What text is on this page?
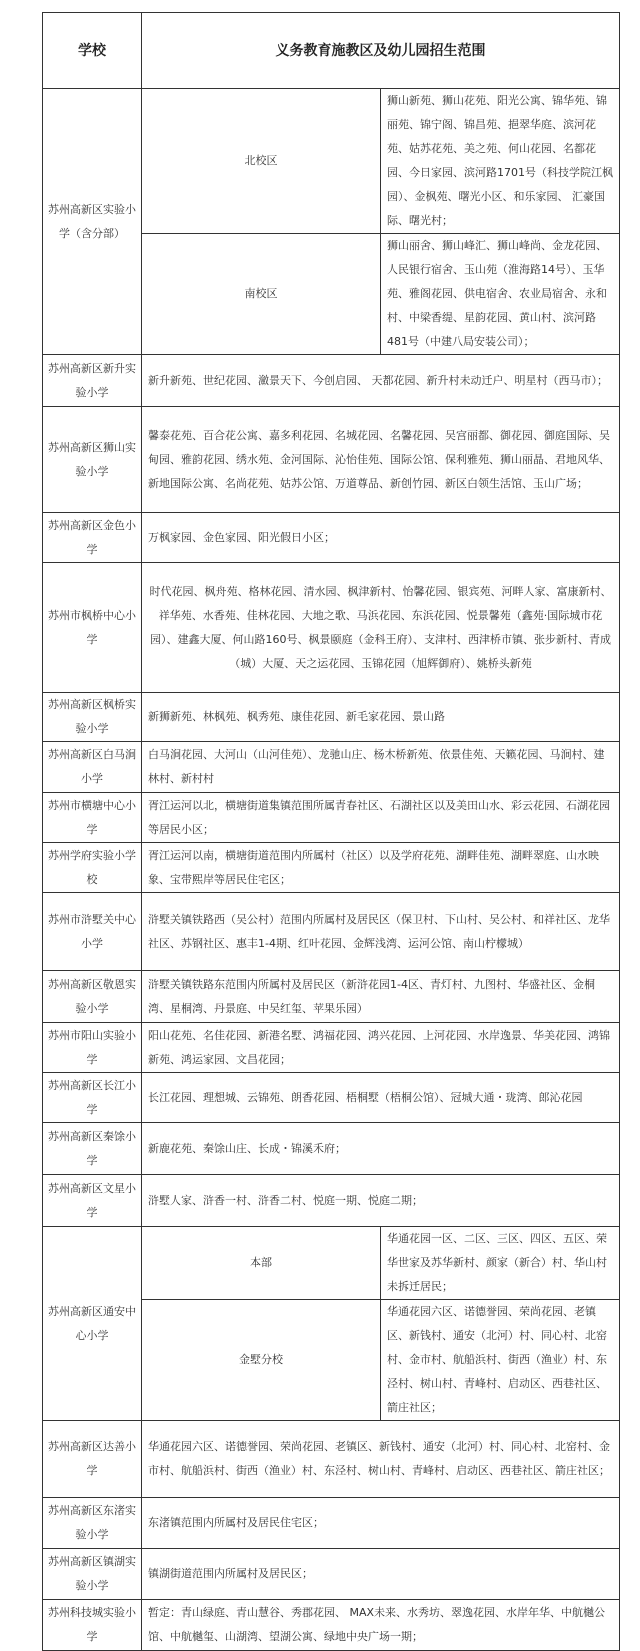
学校	义务教育施教区及幼儿园招生范围	
苏州高新区实验小学（含分部）	北校区	狮山新苑、狮山花苑、阳光公寓、锦华苑、锦丽苑、锦宁阁、锦昌苑、挹翠华庭、滨河花苑、姑苏花苑、美之苑、何山花园、名都花园、今日家园、滨河路1701号（科技学院江枫园）、金枫苑、曙光小区、和乐家园、 汇豪国际、曙光村；
	南校区	狮山丽舍、狮山峰汇、狮山峰尚、金龙花园、人民银行宿舍、玉山苑（淮海路14号）、玉华苑、雅阁花园、供电宿舍、农业局宿舍、永和村、中梁香缇、星韵花园、黄山村、滨河路481号（中建八局安装公司）；
苏州高新区新升实验小学	新升新苑、世纪花园、瀲景天下、今创启园、 天都花园、新升村未动迁户、明星村（西马市）；	
苏州高新区狮山实验小学	馨泰花苑、百合花公寓、嘉多利花园、名城花园、名馨花园、吴宫丽都、御花园、御庭国际、吴甸园、雅韵花园、绣水苑、金河国际、沁怡佳苑、国际公馆、保利雅苑、狮山丽晶、君地风华、新地国际公寓、名尚花苑、姑苏公馆、万道尊品、新创竹园、新区白领生活馆、玉山广场；	
苏州高新区金色小学	万枫家园、金色家园、阳光假日小区；	
苏州市枫桥中心小学	时代花园、枫舟苑、格林花园、清水园、枫津新村、怡馨花园、银宾苑、河畔人家、富康新村、祥华苑、水香苑、佳林花园、大地之歌、马浜花园、东浜花园、悦景馨苑（鑫苑·国际城市花园）、建鑫大厦、何山路160号、枫景颐庭（金科王府）、支津村、西津桥市镇、张步新村、青成（城）大厦、天之运花园、玉锦花园（旭辉御府）、姚桥头新苑	
苏州高新区枫桥实验小学	新狮新苑、林枫苑、枫秀苑、康佳花园、新毛家花园、景山路	
苏州高新区白马涧小学	白马涧花园、大河山（山河佳苑）、龙驰山庄、杨木桥新苑、依景佳苑、天籁花园、马涧村、建林村、新村村	
苏州市横塘中心小学	胥江运河以北，横塘街道集镇范围所属青春社区、石湖社区以及美田山水、彩云花园、石湖花园等居民小区；	
苏州学府实验小学校	胥江运河以南，横塘街道范围内所属村（社区）以及学府花苑、湖畔佳苑、湖畔翠庭、山水映象、宝带熙岸等居民住宅区；	
苏州市浒墅关中心小学	浒墅关镇铁路西（吴公村）范围内所属村及居民区（保卫村、下山村、吴公村、和祥社区、龙华社区、苏钢社区、惠丰1-4期、红叶花园、金辉浅湾、运河公馆、南山柠檬城）	
苏州高新区敬恩实验小学	浒墅关镇铁路东范围内所属村及居民区（新浒花园1-4区、青灯村、九图村、华盛社区、金桐湾、星桐湾、丹景庭、中吴红玺、苹果乐园）	
苏州市阳山实验小学	阳山花苑、名佳花园、新港名墅、鸿福花园、鸿兴花园、上河花园、水岸逸景、华美花园、鸿锦新苑、鸿运家园、文昌花园；	
苏州高新区长江小学	长江花园、理想城、云锦苑、朗香花园、梧桐墅（梧桐公馆）、冠城大通・珑湾、郎沁花园	
苏州高新区秦馀小学	新鹿花苑、秦馀山庄、长成・锦溪禾府；	
苏州高新区文星小学	浒墅人家、浒香一村、浒香二村、悦庭一期、悦庭二期；	
苏州高新区通安中心小学	本部	华通花园一区、二区、三区、四区、五区、荣华世家及苏华新村、颜家（新合）村、华山村未拆迁居民；
	金墅分校	华通花园六区、诺德誉园、荣尚花园、老镇区、新钱村、通安（北河）村、同心村、北窑村、金市村、航船浜村、街西（渔业）村、东泾村、树山村、青峰村、启动区、西巷社区、箭庄社区；
苏州高新区达善小学	华通花园六区、诺德誉园、荣尚花园、老镇区、新钱村、通安（北河）村、同心村、北窑村、金市村、航船浜村、街西（渔业）村、东泾村、树山村、青峰村、启动区、西巷社区、箭庄社区；	
苏州高新区东渚实验小学	东渚镇范围内所属村及居民住宅区；	
苏州高新区镇湖实验小学	镇湖街道范围内所属村及居民区；	
苏州科技城实验小学	暂定：青山绿庭、青山慧谷、秀郡花园、 MAX未来、水秀坊、翠逸花园、水岸年华、中航樾公馆、中航樾玺、山湖湾、望湖公寓、绿地中央广场一期；	
